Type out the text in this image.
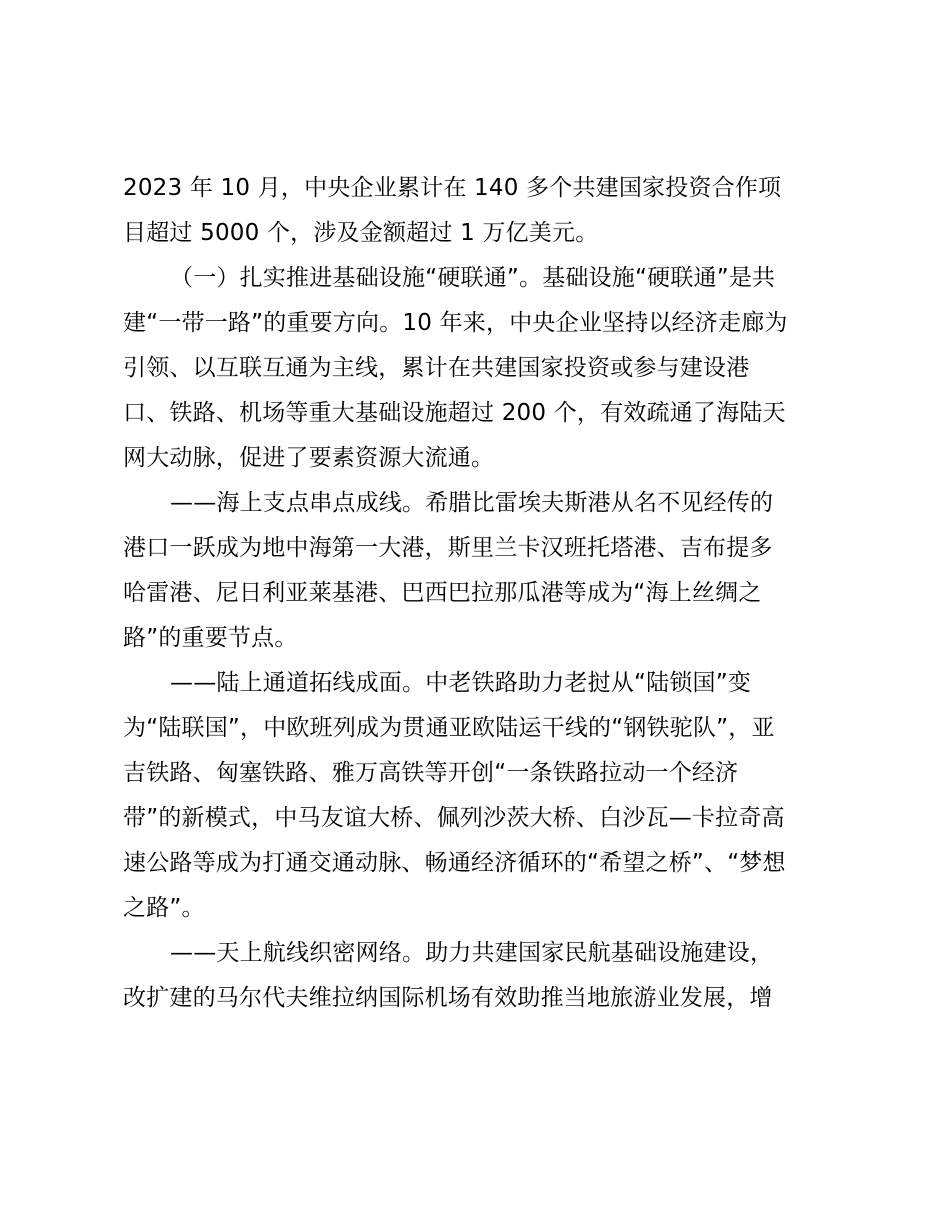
2023 年 10 月，中央企业累计在 140 多个共建国家投资合作项
目超过 5000 个，涉及金额超过 1 万亿美元。
（一）扎实推进基础设施“硬联通”。基础设施“硬联通”是共
建“一带一路”的重要方向。10 年来，中央企业坚持以经济走廊为
引领、以互联互通为主线，累计在共建国家投资或参与建设港
口、铁路、机场等重大基础设施超过 200 个，有效疏通了海陆天
网大动脉，促进了要素资源大流通。
——海上支点串点成线。希腊比雷埃夫斯港从名不见经传的
港口一跃成为地中海第一大港，斯里兰卡汉班托塔港、吉布提多
哈雷港、尼日利亚莱基港、巴西巴拉那瓜港等成为“海上丝绸之
路”的重要节点。
——陆上通道拓线成面。中老铁路助力老挝从“陆锁国”变
为“陆联国”，中欧班列成为贯通亚欧陆运干线的“钢铁驼队”，亚
吉铁路、匈塞铁路、雅万高铁等开创“一条铁路拉动一个经济
带”的新模式，中马友谊大桥、佩列沙茨大桥、白沙瓦—卡拉奇高
速公路等成为打通交通动脉、畅通经济循环的“希望之桥”、“梦想
之路”。
——天上航线织密网络。助力共建国家民航基础设施建设，
改扩建的马尔代夫维拉纳国际机场有效助推当地旅游业发展，增
